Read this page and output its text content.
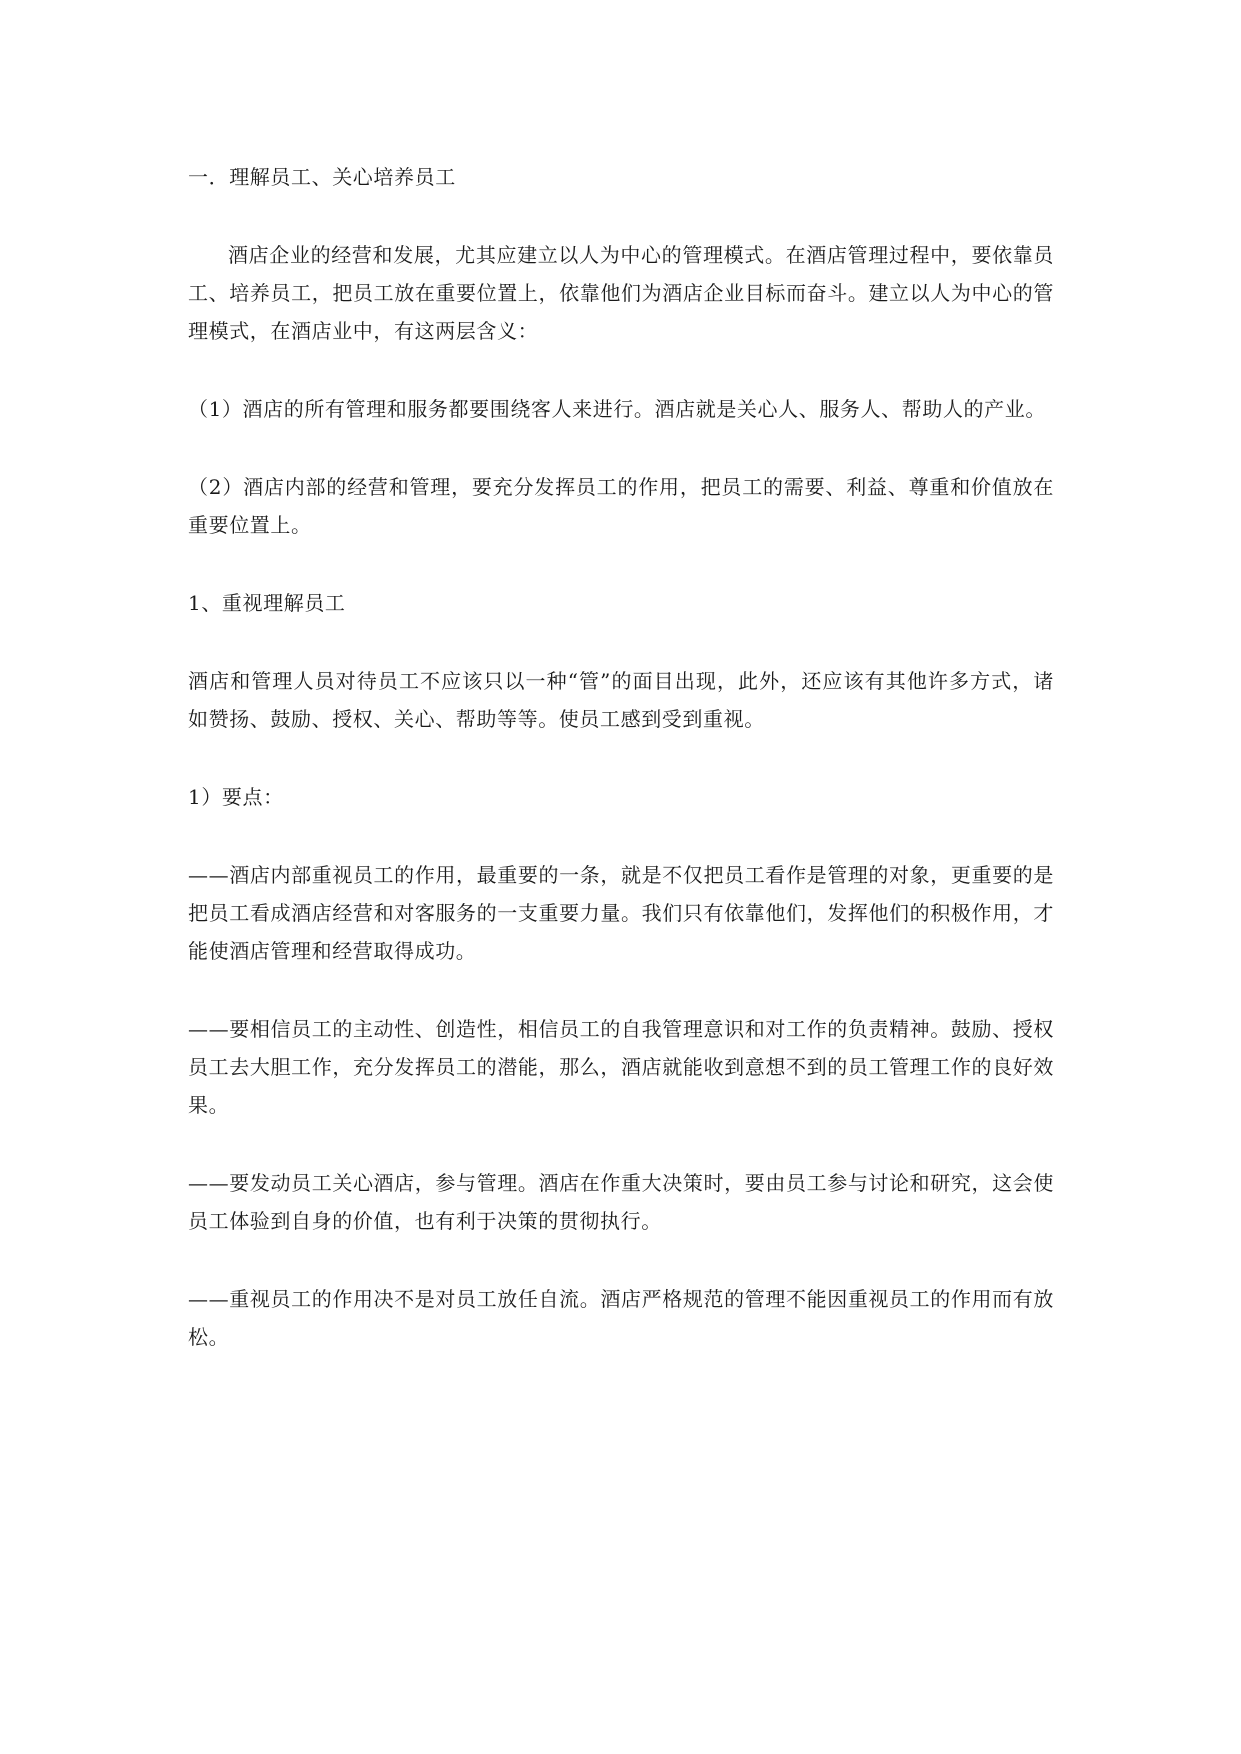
一．理解员工、关心培养员工

酒店企业的经营和发展，尤其应建立以人为中心的管理模式。在酒店管理过程中，要依靠员工、培养员工，把员工放在重要位置上，依靠他们为酒店企业目标而奋斗。建立以人为中心的管理模式，在酒店业中，有这两层含义：

（1）酒店的所有管理和服务都要围绕客人来进行。酒店就是关心人、服务人、帮助人的产业。

（2）酒店内部的经营和管理，要充分发挥员工的作用，把员工的需要、利益、尊重和价值放在重要位置上。

1、重视理解员工

酒店和管理人员对待员工不应该只以一种“管”的面目出现，此外，还应该有其他许多方式，诸如赞扬、鼓励、授权、关心、帮助等等。使员工感到受到重视。

1）要点：

——酒店内部重视员工的作用，最重要的一条，就是不仅把员工看作是管理的对象，更重要的是把员工看成酒店经营和对客服务的一支重要力量。我们只有依靠他们，发挥他们的积极作用，才能使酒店管理和经营取得成功。

——要相信员工的主动性、创造性，相信员工的自我管理意识和对工作的负责精神。鼓励、授权员工去大胆工作，充分发挥员工的潜能，那么，酒店就能收到意想不到的员工管理工作的良好效果。

——要发动员工关心酒店，参与管理。酒店在作重大决策时，要由员工参与讨论和研究，这会使员工体验到自身的价值，也有利于决策的贯彻执行。

——重视员工的作用决不是对员工放任自流。酒店严格规范的管理不能因重视员工的作用而有放松。
